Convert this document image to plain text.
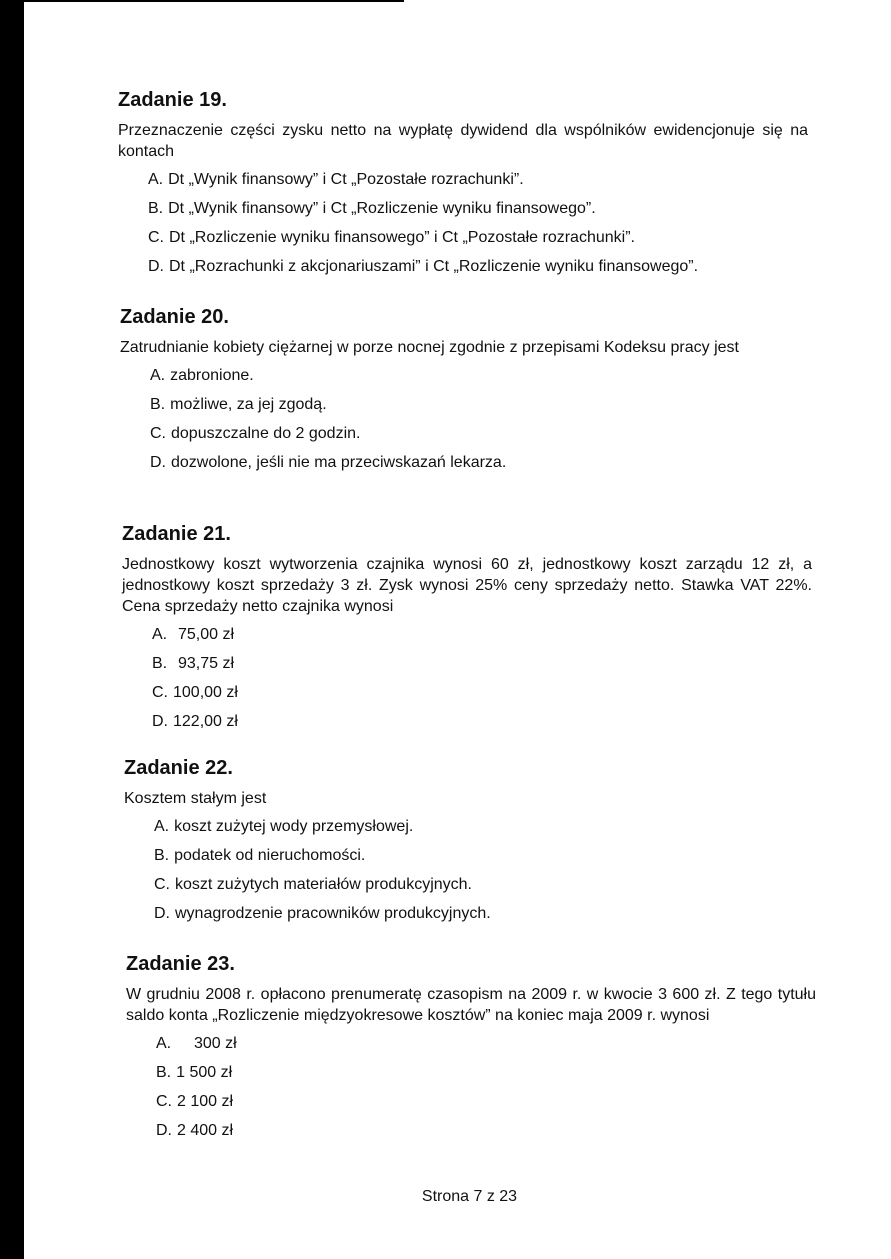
Zadanie 19.

Przeznaczenie części zysku netto na wypłatę dywidend dla wspólników ewidencjonuje się na kontach

A. Dt „Wynik finansowy” i Ct „Pozostałe rozrachunki”.
B. Dt „Wynik finansowy” i Ct „Rozliczenie wyniku finansowego”.
C. Dt „Rozliczenie wyniku finansowego” i Ct „Pozostałe rozrachunki”.
D. Dt „Rozrachunki z akcjonariuszami” i Ct „Rozliczenie wyniku finansowego”.
Zadanie 20.

Zatrudnianie kobiety ciężarnej w porze nocnej zgodnie z przepisami Kodeksu pracy jest

A. zabronione.
B. możliwe, za jej zgodą.
C. dopuszczalne do 2 godzin.
D. dozwolone, jeśli nie ma przeciwskazań lekarza.
Zadanie 21.

Jednostkowy koszt wytworzenia czajnika wynosi 60 zł, jednostkowy koszt zarządu 12 zł, a jednostkowy koszt sprzedaży 3 zł. Zysk wynosi 25% ceny sprzedaży netto. Stawka VAT 22%. Cena sprzedaży netto czajnika wynosi

A. 75,00 zł
B. 93,75 zł
C. 100,00 zł
D. 122,00 zł
Zadanie 22.

Kosztem stałym jest

A. koszt zużytej wody przemysłowej.
B. podatek od nieruchomości.
C. koszt zużytych materiałów produkcyjnych.
D. wynagrodzenie pracowników produkcyjnych.
Zadanie 23.

W grudniu 2008 r. opłacono prenumeratę czasopism na 2009 r. w kwocie 3 600 zł. Z tego tytułu saldo konta „Rozliczenie międzyokresowe kosztów” na koniec maja 2009 r. wynosi

A.	300 zł
B. 1 500 zł
C. 2 100 zł
D. 2 400 zł
Strona 7 z 23
